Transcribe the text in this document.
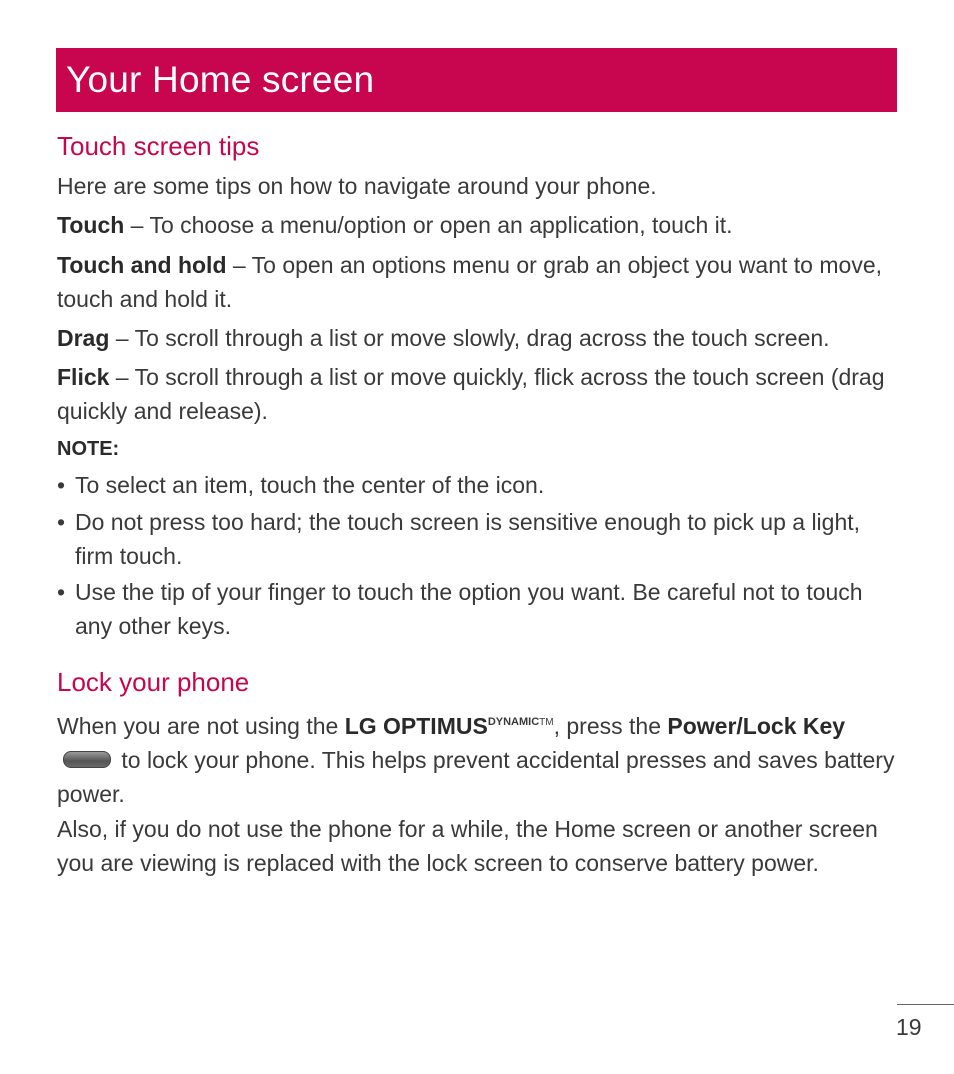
Your Home screen
Touch screen tips

Here are some tips on how to navigate around your phone.

Touch – To choose a menu/option or open an application, touch it.

Touch and hold – To open an options menu or grab an object you want to move, touch and hold it.

Drag – To scroll through a list or move slowly, drag across the touch screen.

Flick – To scroll through a list or move quickly, flick across the touch screen (drag quickly and release).

NOTE:
• To select an item, touch the center of the icon.
• Do not press too hard; the touch screen is sensitive enough to pick up a light, firm touch.
• Use the tip of your finger to touch the option you want. Be careful not to touch any other keys.
Lock your phone

When you are not using the LG $OPTIMUS^{DYNAMICTM}$, press the Power/Lock Key to lock your phone. This helps prevent accidental presses and saves battery power.

Also, if you do not use the phone for a while, the Home screen or another screen you are viewing is replaced with the lock screen to conserve battery power.

19
